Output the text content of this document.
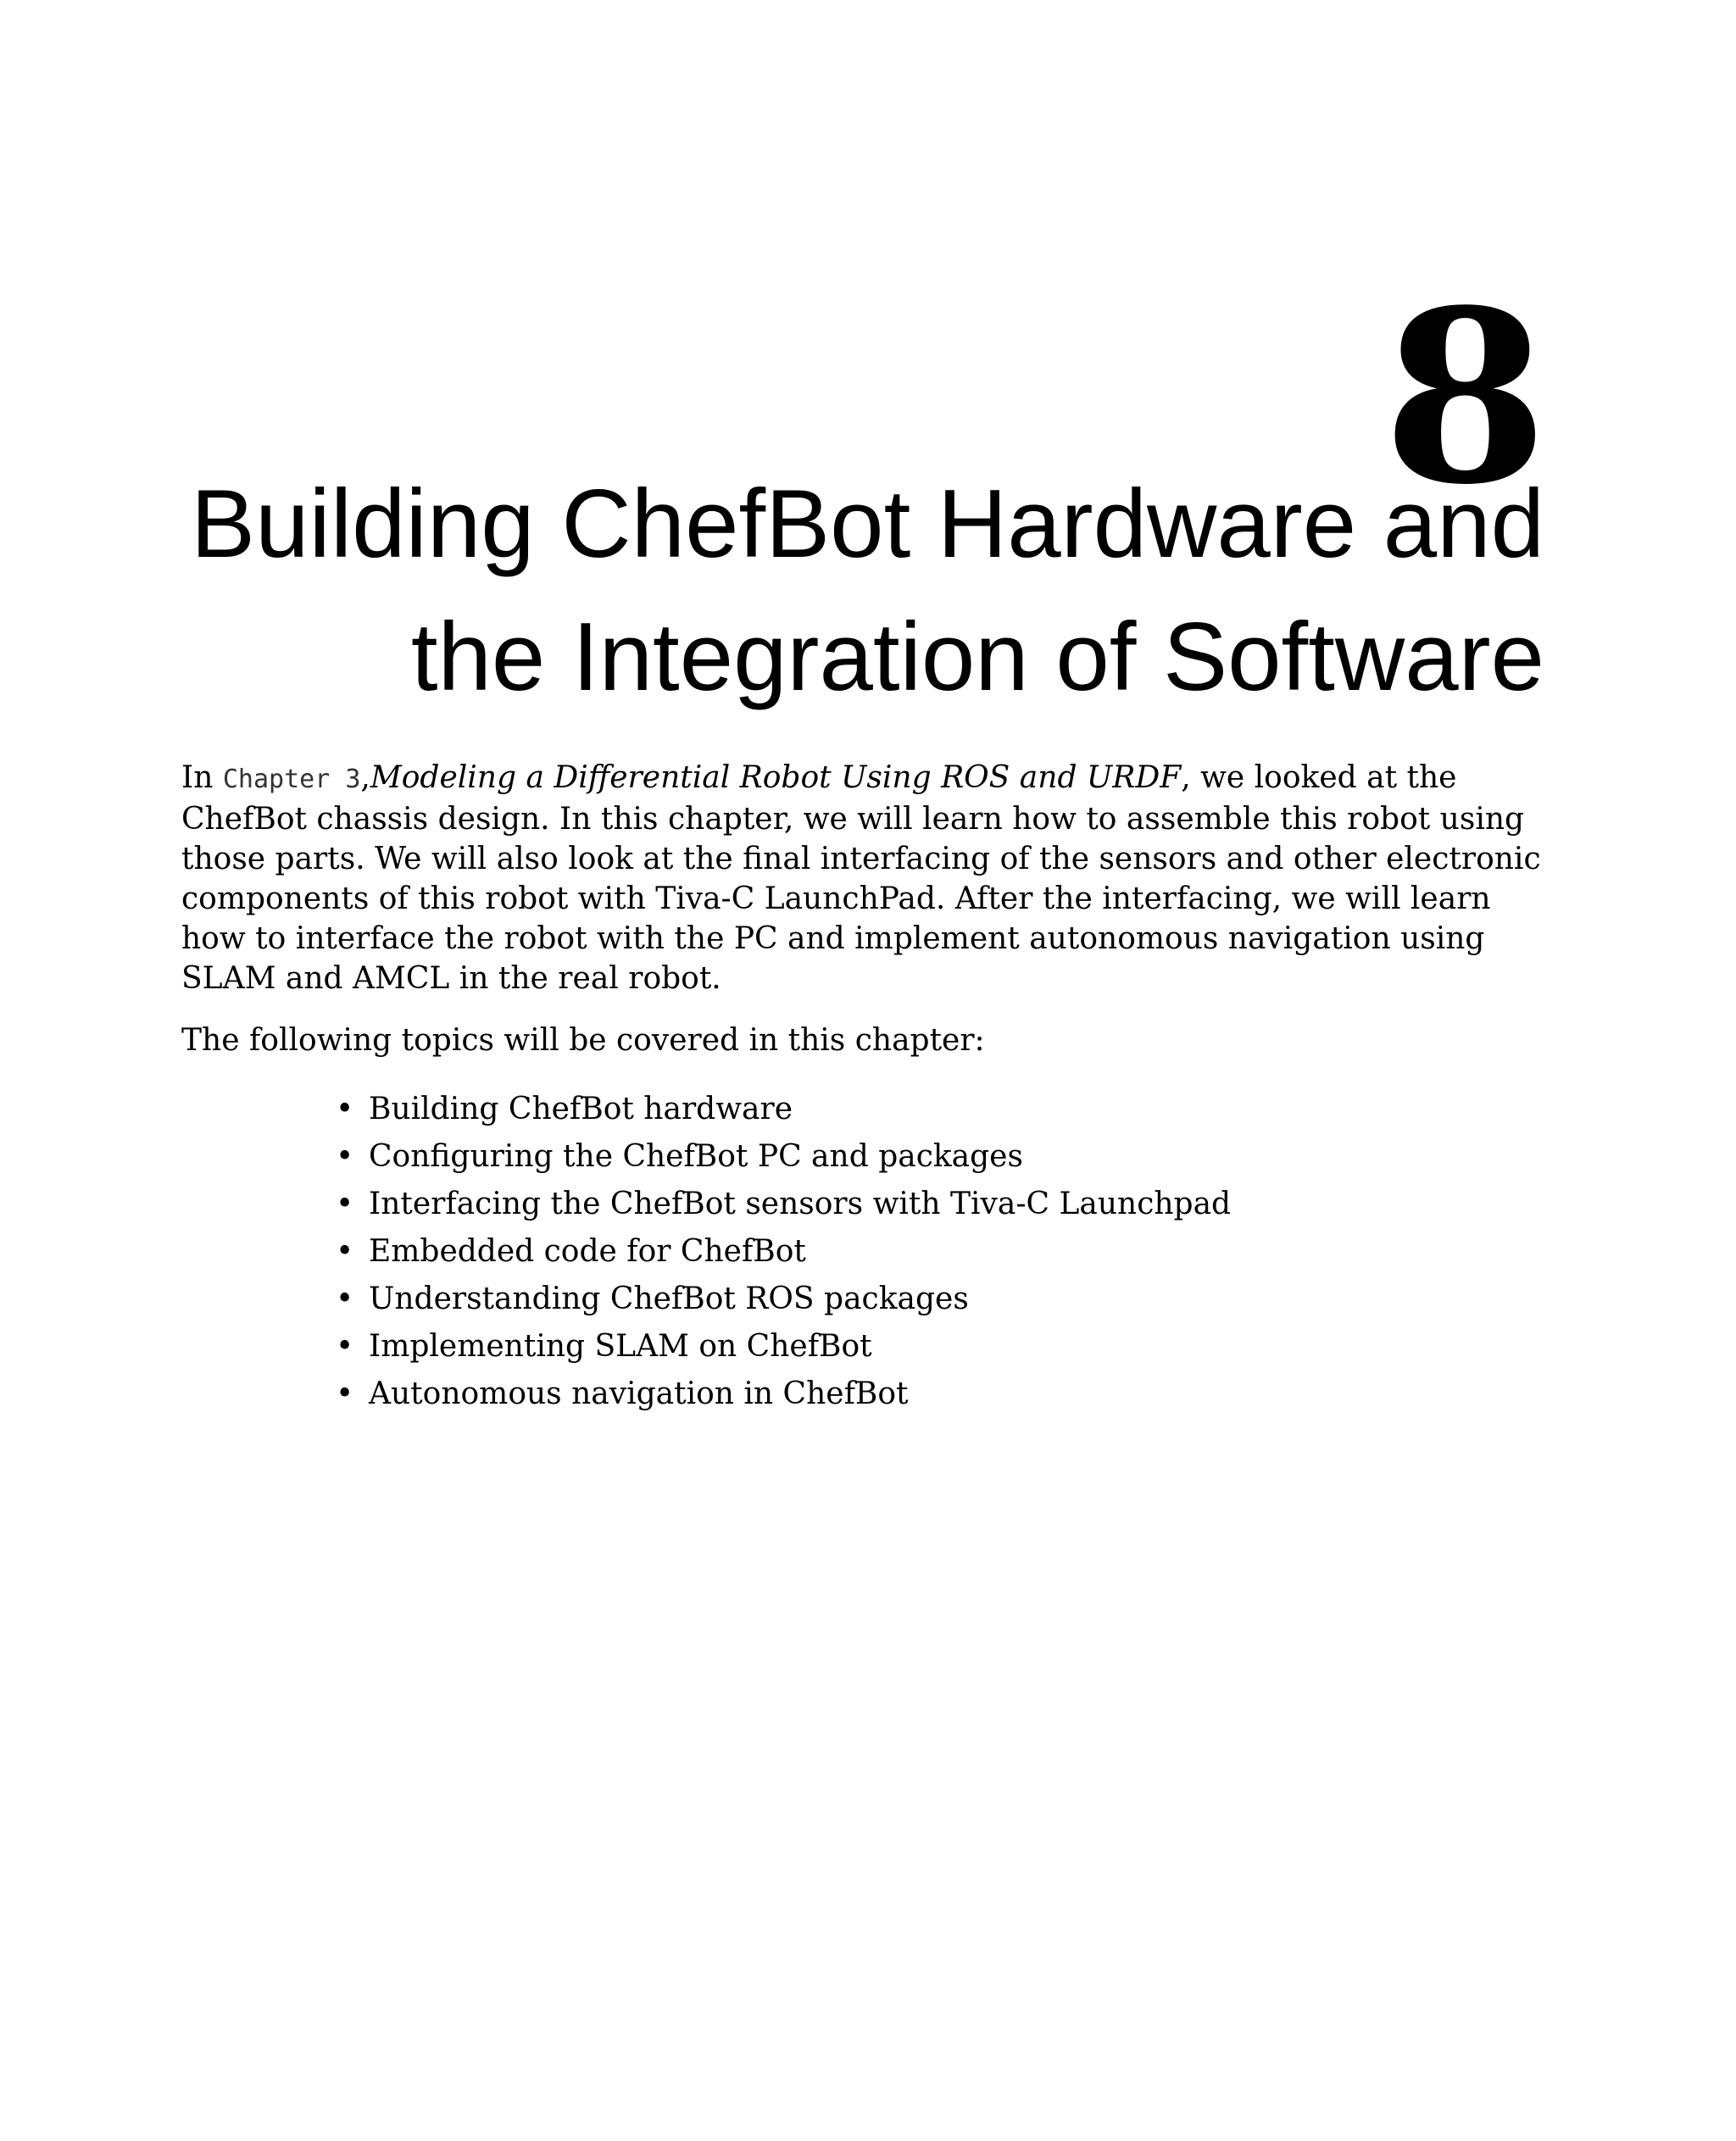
8
Building ChefBot Hardware and
the Integration of Software

In Chapter 3,Modeling a Differential Robot Using ROS and URDF, we looked at the ChefBot chassis design. In this chapter, we will learn how to assemble this robot using those parts. We will also look at the final interfacing of the sensors and other electronic components of this robot with Tiva-C LaunchPad. After the interfacing, we will learn how to interface the robot with the PC and implement autonomous navigation using SLAM and AMCL in the real robot.

The following topics will be covered in this chapter:

• Building ChefBot hardware
• Configuring the ChefBot PC and packages
• Interfacing the ChefBot sensors with Tiva-C Launchpad
• Embedded code for ChefBot
• Understanding ChefBot ROS packages
• Implementing SLAM on ChefBot
• Autonomous navigation in ChefBot
